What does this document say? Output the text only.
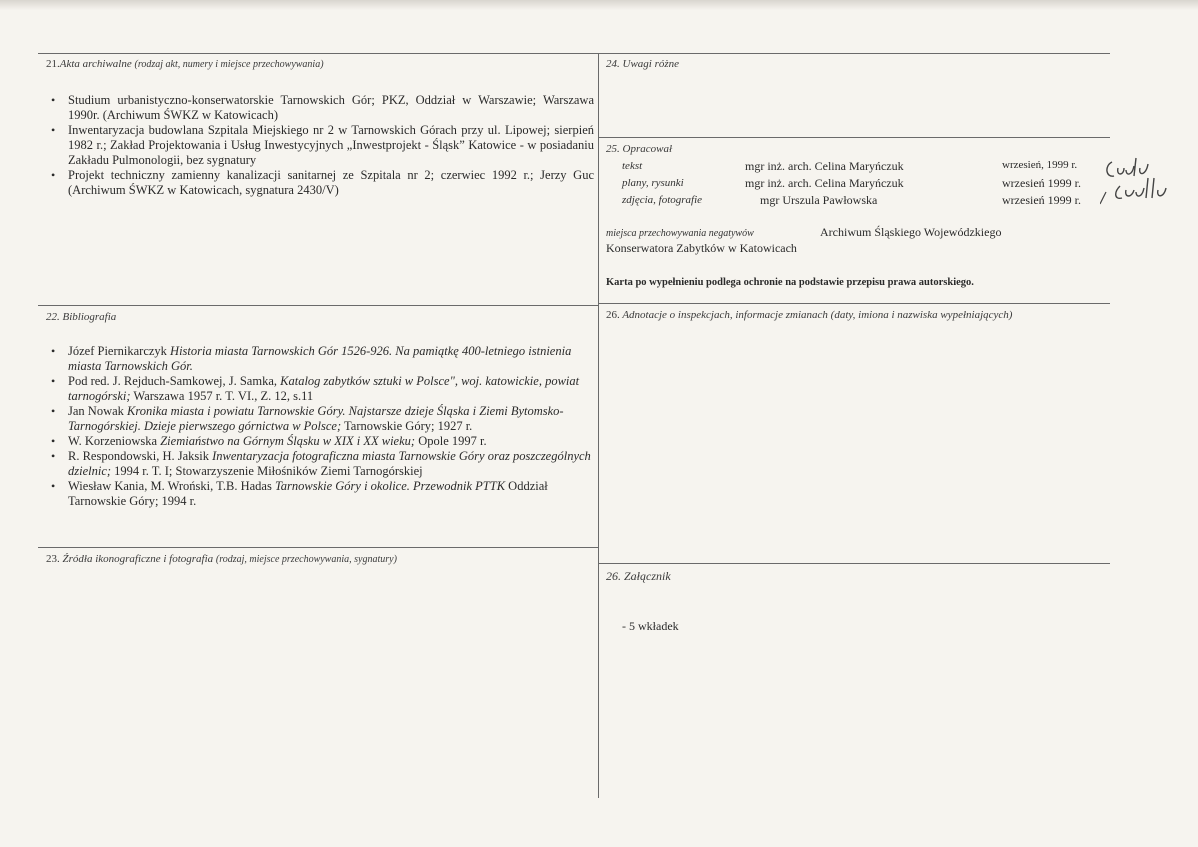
21.Akta archiwalne (rodzaj akt, numery i miejsce przechowywania)
• Studium urbanistyczno-konserwatorskie Tarnowskich Gór; PKZ, Oddział w Warszawie; Warszawa 1990r. (Archiwum ŚWKZ w Katowicach)
• Inwentaryzacja budowlana Szpitala Miejskiego nr 2 w Tarnowskich Górach przy ul. Lipowej; sierpień 1982 r.; Zakład Projektowania i Usług Inwestycyjnych „Inwestprojekt - Śląsk” Katowice - w posiadaniu Zakładu Pulmonologii, bez sygnatury
• Projekt techniczny zamienny kanalizacji sanitarnej ze Szpitala nr 2; czerwiec 1992 r.; Jerzy Guc (Archiwum ŚWKZ w Katowicach, sygnatura 2430/V)
22. Bibliografia
• Józef Piernikarczyk Historia miasta Tarnowskich Gór 1526-926. Na pamiątkę 400-letniego istnienia miasta Tarnowskich Gór.
• Pod red. J. Rejduch-Samkowej, J. Samka, Katalog zabytków sztuki w Polsce", woj. katowickie, powiat tarnogórski; Warszawa 1957 r. T. VI., Z. 12, s.11
• Jan Nowak Kronika miasta i powiatu Tarnowskie Góry. Najstarsze dzieje Śląska i Ziemi Bytomsko-Tarnogórskiej. Dzieje pierwszego górnictwa w Polsce; Tarnowskie Góry; 1927 r.
• W. Korzeniowska Ziemiaństwo na Górnym Śląsku w XIX i XX wieku; Opole 1997 r.
• R. Respondowski, H. Jaksik Inwentaryzacja fotograficzna miasta Tarnowskie Góry oraz poszczególnych dzielnic; 1994 r. T. I; Stowarzyszenie Miłośników Ziemi Tarnogórskiej
• Wiesław Kania, M. Wroński, T.B. Hadas Tarnowskie Góry i okolice. Przewodnik PTTK Oddział Tarnowskie Góry; 1994 r.
23. Źródła ikonograficzne i fotografia (rodzaj, miejsce przechowywania, sygnatury)
24. Uwagi różne
25. Opracował
tekst	mgr inż. arch. Celina Maryńczuk	wrzesień, 1999 r.
plany, rysunki	mgr inż. arch. Celina Maryńczuk	wrzesień 1999 r.
zdjęcia, fotografie	mgr Urszula Pawłowska	wrzesień 1999 r.
miejsca przechowywania negatywów	Archiwum Śląskiego Wojewódzkiego
Konserwatora Zabytków w Katowicach
Karta po wypełnieniu podlega ochronie na podstawie przepisu prawa autorskiego.
26. Adnotacje o inspekcjach, informacje zmianach (daty, imiona i nazwiska wypełniających)
26. Załącznik
- 5 wkładek
